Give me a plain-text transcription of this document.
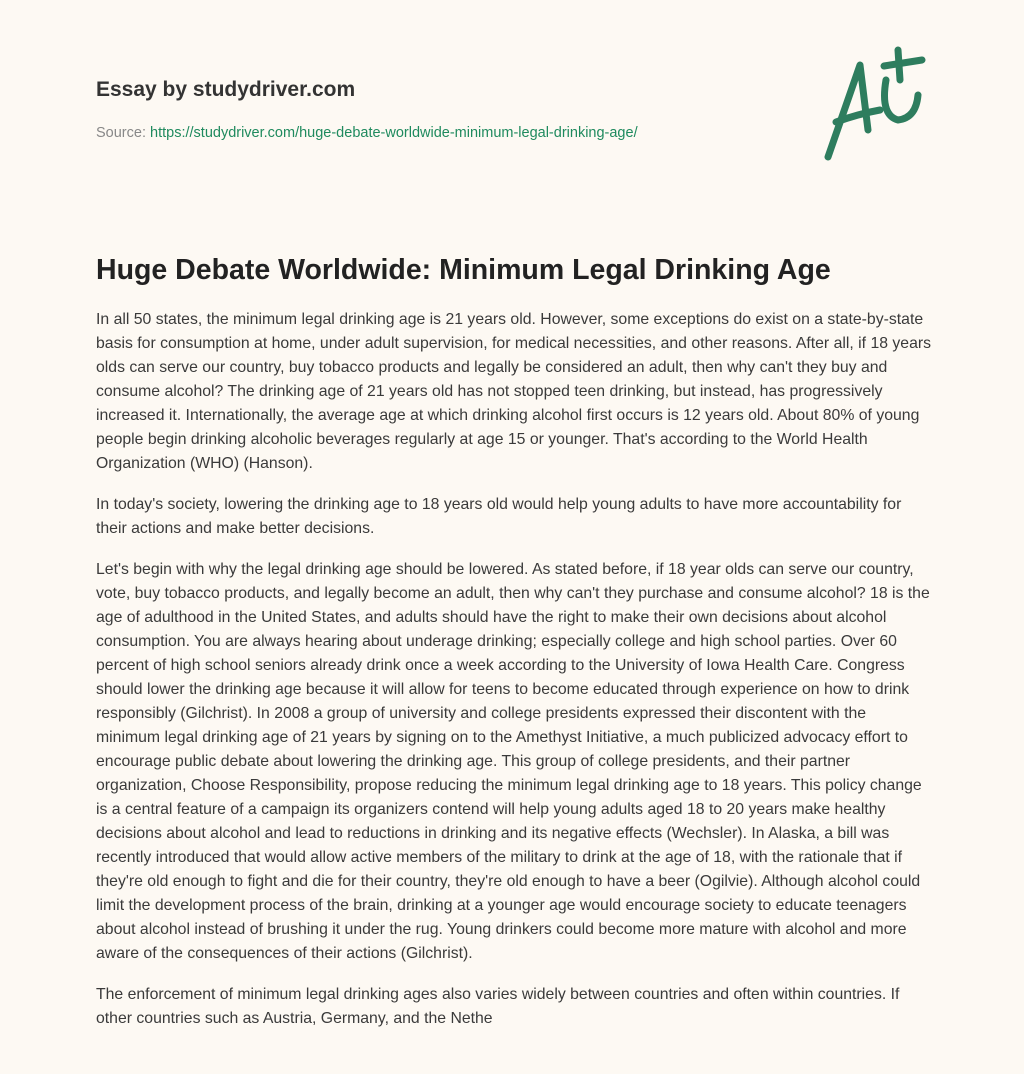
Essay by studydriver.com
Source: https://studydriver.com/huge-debate-worldwide-minimum-legal-drinking-age/
Huge Debate Worldwide: Minimum Legal Drinking Age

In all 50 states, the minimum legal drinking age is 21 years old. However, some exceptions do exist on a state-by-state basis for consumption at home, under adult supervision, for medical necessities, and other reasons. After all, if 18 years olds can serve our country, buy tobacco products and legally be considered an adult, then why can't they buy and consume alcohol? The drinking age of 21 years old has not stopped teen drinking, but instead, has progressively increased it. Internationally, the average age at which drinking alcohol first occurs is 12 years old. About 80% of young people begin drinking alcoholic beverages regularly at age 15 or younger. That's according to the World Health Organization (WHO) (Hanson).

In today's society, lowering the drinking age to 18 years old would help young adults to have more accountability for their actions and make better decisions.

Let's begin with why the legal drinking age should be lowered. As stated before, if 18 year olds can serve our country, vote, buy tobacco products, and legally become an adult, then why can't they purchase and consume alcohol? 18 is the age of adulthood in the United States, and adults should have the right to make their own decisions about alcohol consumption. You are always hearing about underage drinking; especially college and high school parties. Over 60 percent of high school seniors already drink once a week according to the University of Iowa Health Care. Congress should lower the drinking age because it will allow for teens to become educated through experience on how to drink responsibly (Gilchrist). In 2008 a group of university and college presidents expressed their discontent with the minimum legal drinking age of 21 years by signing on to the Amethyst Initiative, a much publicized advocacy effort to encourage public debate about lowering the drinking age. This group of college presidents, and their partner organization, Choose Responsibility, propose reducing the minimum legal drinking age to 18 years. This policy change is a central feature of a campaign its organizers contend will help young adults aged 18 to 20 years make healthy decisions about alcohol and lead to reductions in drinking and its negative effects (Wechsler). In Alaska, a bill was recently introduced that would allow active members of the military to drink at the age of 18, with the rationale that if they're old enough to fight and die for their country, they're old enough to have a beer (Ogilvie). Although alcohol could limit the development process of the brain, drinking at a younger age would encourage society to educate teenagers about alcohol instead of brushing it under the rug. Young drinkers could become more mature with alcohol and more aware of the consequences of their actions (Gilchrist).

The enforcement of minimum legal drinking ages also varies widely between countries and often within countries. If other countries such as Austria, Germany, and the Nethe
